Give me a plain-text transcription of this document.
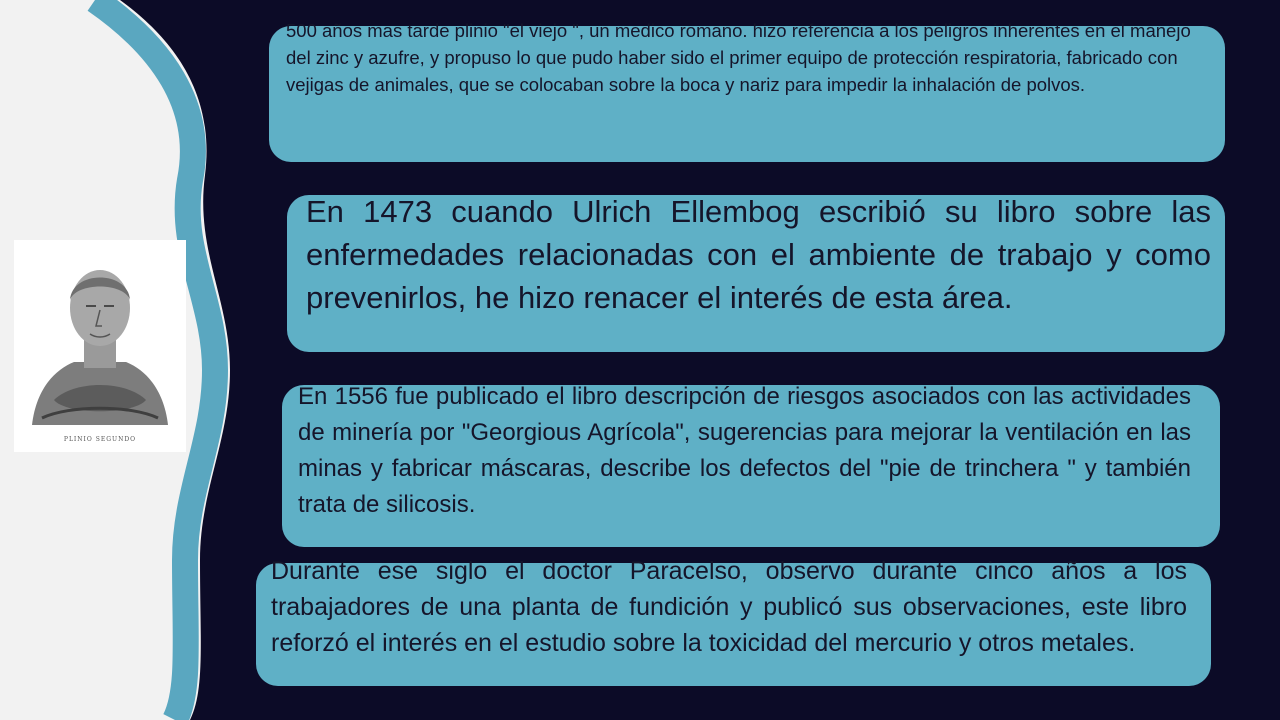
PLINIO SEGUNDO

500 años mas tarde plinio "el viejo ", un medico romano. hizo referencia a los peligros inherentes en el manejo del zinc y azufre, y propuso lo que pudo haber sido el primer equipo de protección respiratoria, fabricado con vejigas de animales, que se colocaban sobre la boca y nariz para impedir la inhalación de polvos.

En 1473 cuando Ulrich Ellembog escribió su libro sobre las enfermedades relacionadas con el ambiente de trabajo y como prevenirlos, he hizo renacer el interés de esta área.

En 1556 fue publicado el libro descripción de riesgos asociados con las actividades de minería por "Georgious Agrícola", sugerencias para mejorar la ventilación en las minas y fabricar máscaras, describe los defectos del "pie de trinchera " y también trata de silicosis.

Durante ese siglo el doctor Paracelso, observo durante cinco años a los trabajadores de una planta de fundición y publicó sus observaciones, este libro reforzó el interés en el estudio sobre la toxicidad del mercurio y otros metales.
